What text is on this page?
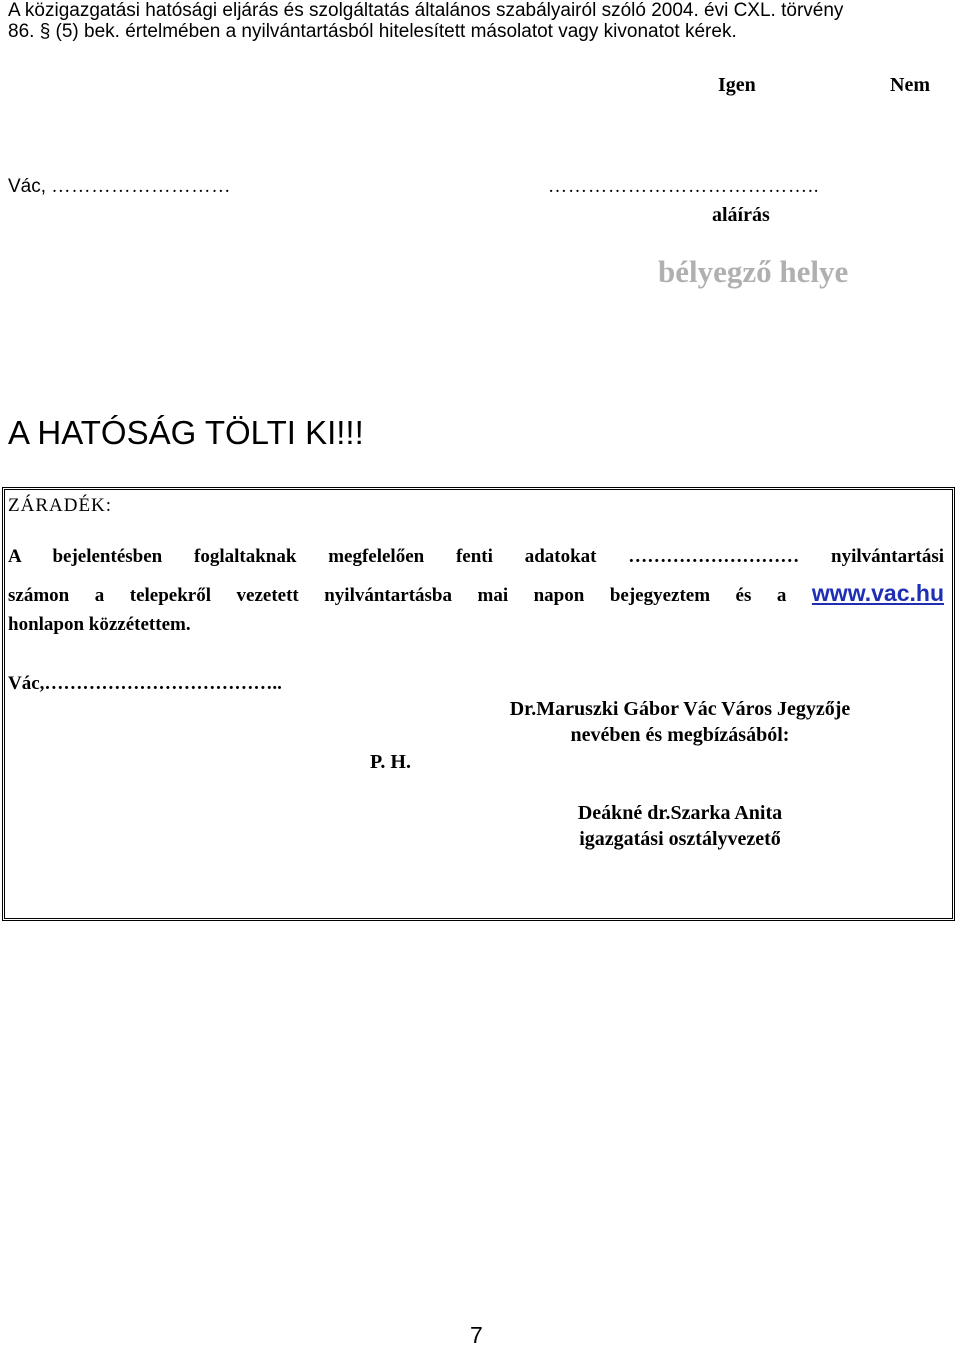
A közigazgatási hatósági eljárás és szolgáltatás általános szabályairól szóló 2004. évi CXL. törvény
86. § (5) bek. értelmében a nyilvántartásból hitelesített másolatot vagy kivonatot kérek.
Igen	Nem
Vác, ………………………	…………………………………..
aláírás
bélyegző helye
A HATÓSÁG TÖLTI KI!!!
ZÁRADÉK:
A bejelentésben foglaltaknak megfelelően fenti adatokat ……………………… nyilvántartási
számon a telepekről vezetett nyilvántartásba mai napon bejegyeztem és a www.vac.hu
honlapon közzétettem.
Vác,………………………………..
Dr.Maruszki Gábor Vác Város Jegyzője
nevében és megbízásából:
P. H.
Deákné dr.Szarka Anita
igazgatási osztályvezető
7
